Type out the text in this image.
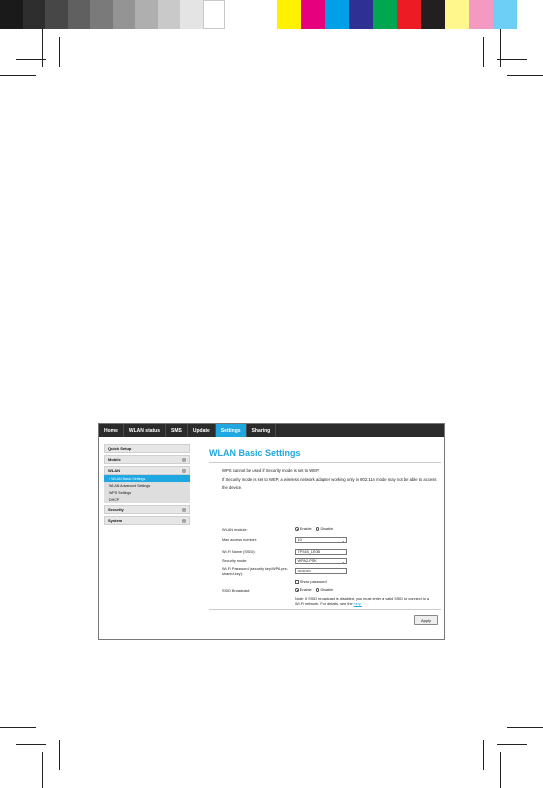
Home	WLAN status	SMS	Update	Settings	Sharing
Quick Setup
Mobile	›
WLAN	‹
› WLAN Basic Settings
WLAN Advanced Settings
WPS Settings
DHCP
Security	›
System	›
WLAN Basic Settings
WPS cannot be used if Security mode is set to WEP.
If Security mode is set to WEP, a wireless network adapter working only in 802.11n mode may not be able to access the device.
WLAN module:	Enable
Disable
Max access number:	10	⌄
Wi-Fi Name (SSID):	TP345_1E0B
Security mode:	WPA2-PSK	⌄
Wi-Fi Password (security key/WPA pre-shared key):
••••••••••
Show password
SSID Broadcast:	Enable
Disable
Note: If SSID broadcast is disabled, you must enter a valid SSID to connect to a Wi-Fi network. For details, see the help.
Apply
